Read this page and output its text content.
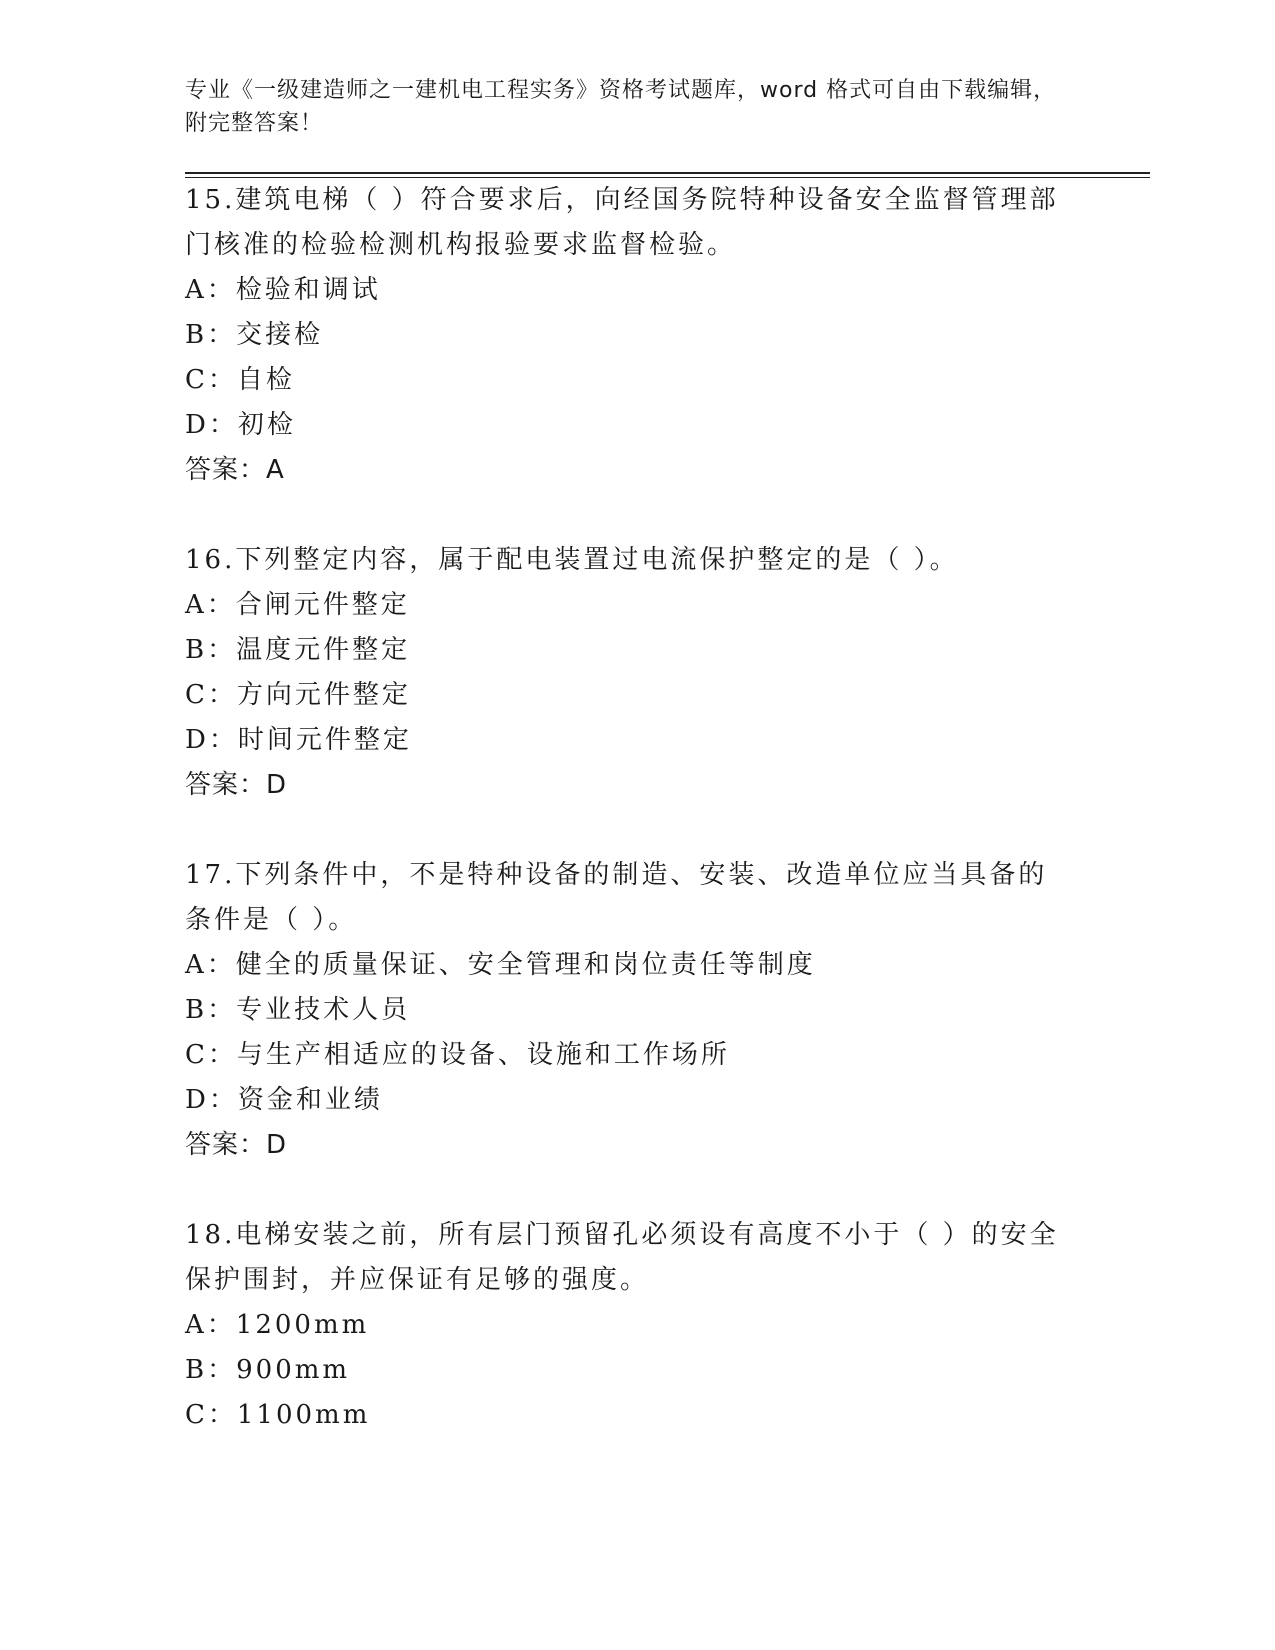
专业《一级建造师之一建机电工程实务》资格考试题库，word 格式可自由下载编辑，附完整答案！

15.建筑电梯（ ）符合要求后，向经国务院特种设备安全监督管理部门核准的检验检测机构报验要求监督检验。

A：检验和调试

B：交接检

C：自检

D：初检

答案：A

16.下列整定内容，属于配电装置过电流保护整定的是（ ）。

A：合闸元件整定

B：温度元件整定

C：方向元件整定

D：时间元件整定

答案：D

17.下列条件中，不是特种设备的制造、安装、改造单位应当具备的条件是（ ）。

A：健全的质量保证、安全管理和岗位责任等制度

B：专业技术人员

C：与生产相适应的设备、设施和工作场所

D：资金和业绩

答案：D

18.电梯安装之前，所有层门预留孔必须设有高度不小于（ ）的安全保护围封，并应保证有足够的强度。

A：1200mm

B：900mm

C：1100mm
